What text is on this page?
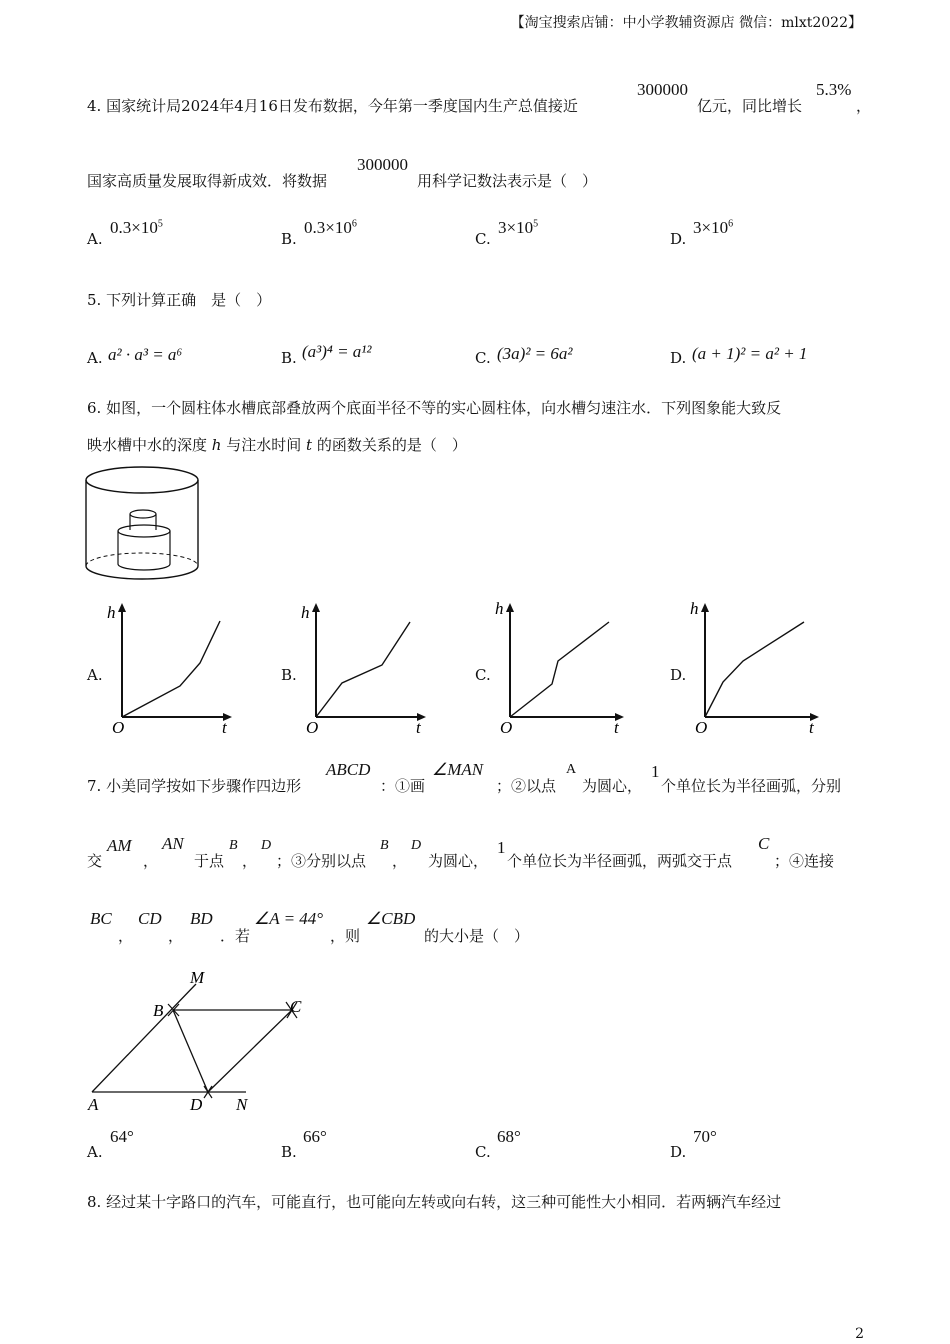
【淘宝搜索店铺：中小学教辅资源店 微信：mlxt2022】
4. 国家统计局2024年4月16日发布数据，今年第一季度国内生产总值接近
300000
亿元，同比增长
5.3%
，
国家高质量发展取得新成效．将数据
300000
用科学记数法表示是（　）
A.
$0.3\times 10^5$
B.
$0.3\times 10^6$
C.
$3\times 10^5$
D.
$3\times 10^6$
5. 下列计算正确　是（　）
A. a² · a³ = a⁶	B. (a³)⁴ = a¹²	C. (3a)² = 6a²	D. (a + 1)² = a² + 1
6. 如图，一个圆柱体水槽底部叠放两个底面半径不等的实心圆柱体，向水槽匀速注水．下列图象能大致反
映水槽中水的深度 h 与注水时间 t 的函数关系的是（　）
A.
h
O	t
B.
h
O	t
C.
h
O	t
D.
h
O	t
7. 小美同学按如下步骤作四边形
ABCD
：①画
∠MAN
；②以点
A
为圆心，
1
个单位长为半径画弧，分别
交
AM
，
AN
于点
B
，
D
；③分别以点
B
，
D
为圆心，
1
个单位长为半径画弧，两弧交于点
C
；④连接
BC
，
CD
，
BD
．若
∠A = 44°
，则
∠CBD
的大小是（　）
M
B	C
A	D N
A.
64°
B.
66°
C.
68°
D.
70°
8. 经过某十字路口的汽车，可能直行，也可能向左转或向右转，这三种可能性大小相同．若两辆汽车经过
2
